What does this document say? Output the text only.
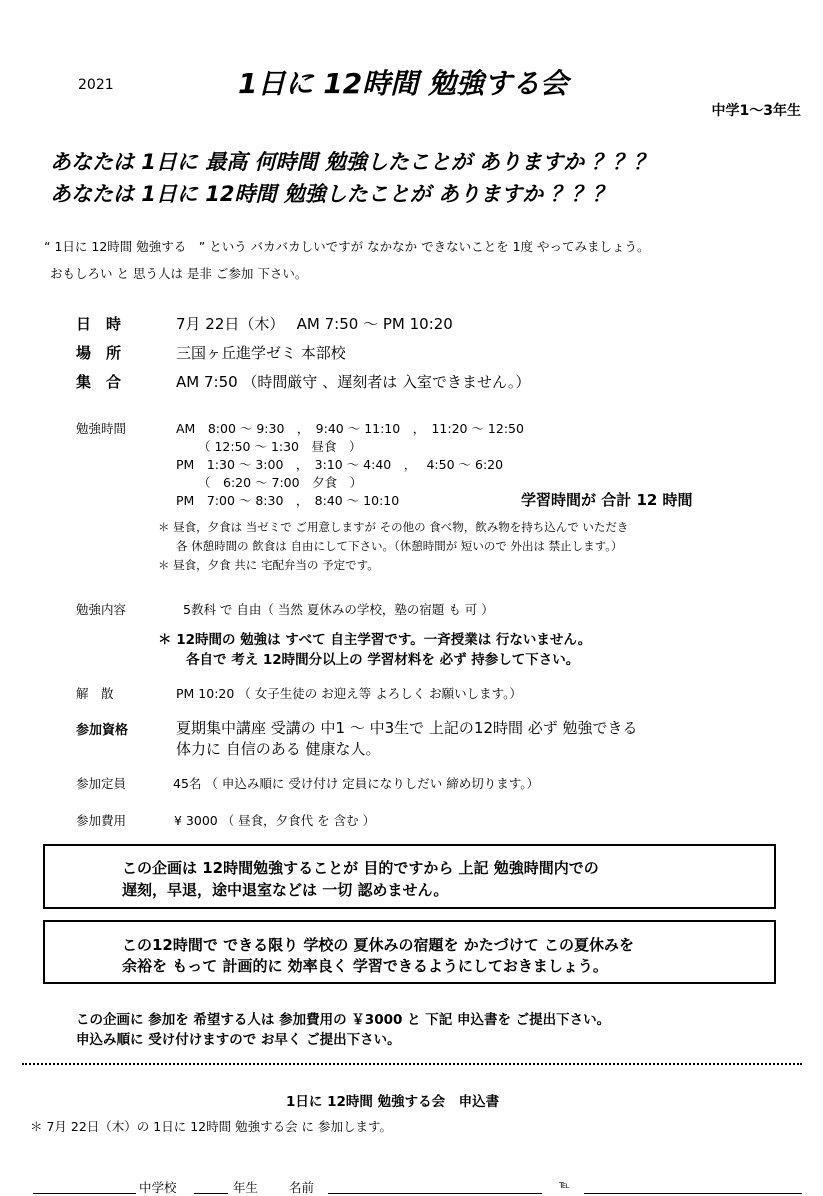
2021	1日に 12時間 勉強する会
中学1～3年生
あなたは 1日に 最高 何時間 勉強したことが ありますか ？？？
あなたは 1日に 12時間 勉強したことが ありますか ？？？
“ 1日に 12時間 勉強する　” という バカバカしいですが なかなか できないことを 1度 やってみましょう。
おもしろい と 思う人は 是非 ご参加 下さい。
日　時	7月 22日（木）　 AM 7:50 ～ PM 10:20
場　所	三国ヶ丘進学ゼミ 本部校
集　合	AM 7:50 （時間厳守 、遅刻者は 入室できません。）
勉強時間	AM　8:00 ～ 9:30　，　9:40 ～ 11:10　，　11:20 ～ 12:50
（ 12:50 ～ 1:30　昼食　）
PM　1:30 ～ 3:00　，　3:10 ～ 4:40　，　 4:50 ～ 6:20
（　6:20 ～ 7:00　夕食　）
PM　7:00 ～ 8:30　，　8:40 ～ 10:10	学習時間が 合計 12 時間
＊ 昼食，夕食は 当ゼミで ご用意しますが その他の 食べ物，飲み物を持ち込んで いただき
各 休憩時間の 飲食は 自由にして下さい。（休憩時間が 短いので 外出は 禁止します。）
＊ 昼食，夕食 共に 宅配弁当の 予定です。
勉強内容	5教科 で 自由（ 当然 夏休みの学校，塾の宿題 も 可 ）
＊ 12時間の 勉強は すべて 自主学習です。一斉授業は 行ないません。
各自で 考え 12時間分以上の 学習材料を 必ず 持参して下さい。
解　散	PM 10:20 （ 女子生徒の お迎え等 よろしく お願いします。）
参加資格	夏期集中講座 受講の 中1 ～ 中3生で 上記の12時間 必ず 勉強できる
体力に 自信のある 健康な人。
参加定員	45名 （ 申込み順に 受け付け 定員になりしだい 締め切ります。）
参加費用	¥ 3000 （ 昼食，夕食代 を 含む ）
この企画は 12時間勉強することが 目的ですから 上記 勉強時間内での
遅刻，早退，途中退室などは 一切 認めません。
この12時間で できる限り 学校の 夏休みの宿題を かたづけて この夏休みを
余裕を もって 計画的に 効率良く 学習できるようにしておきましょう。
この企画に 参加を 希望する人は 参加費用の ￥3000 と 下記 申込書を ご提出下さい。
申込み順に 受け付けますので お早く ご提出下さい。
1日に 12時間 勉強する会　申込書
＊ 7月 22日（木）の 1日に 12時間 勉強する会 に 参加します。
中学校	年生 名前	℡
